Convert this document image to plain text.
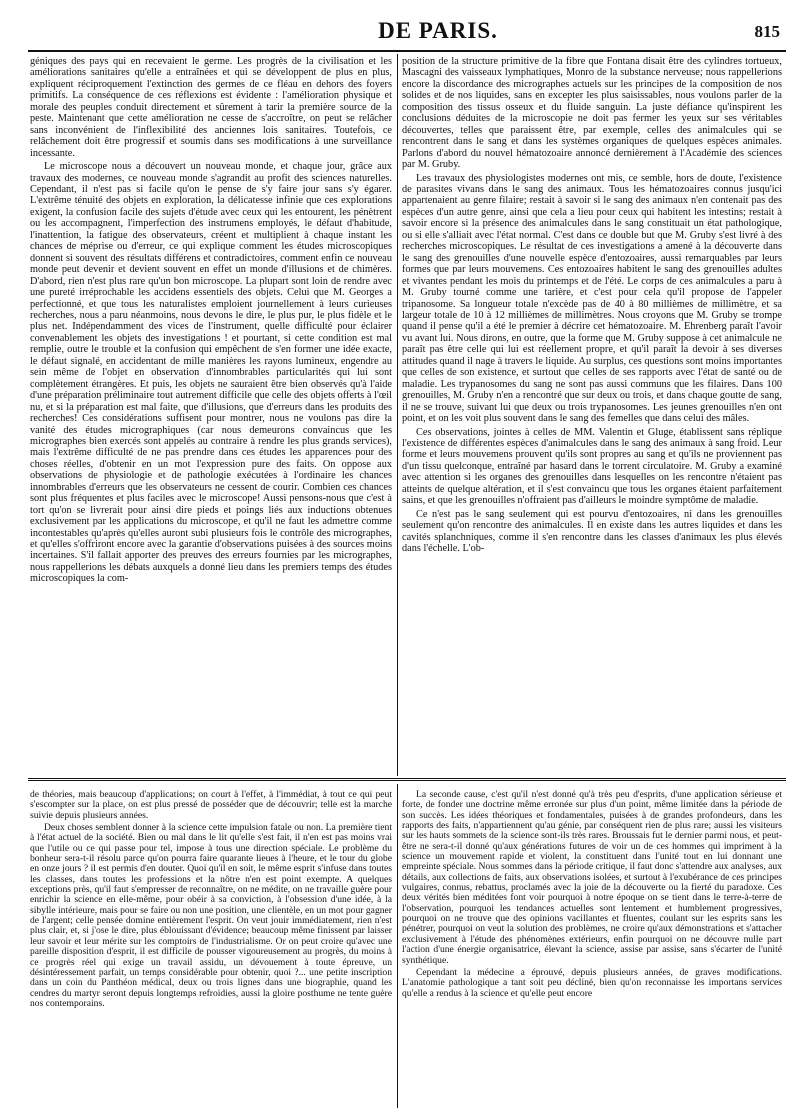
DE PARIS.	815

géniques des pays qui en recevaient le germe. Les progrès de la civilisation et les améliorations sanitaires qu'elle a entraînées et qui se développent de plus en plus, expliquent réciproquement l'extinction des germes de ce fléau en dehors des foyers primitifs. La conséquence de ces réflexions est évidente : l'amélioration physique et morale des peuples conduit directement et sûrement à tarir la première source de la peste. Maintenant que cette amélioration ne cesse de s'accroître, on peut se relâcher sans inconvénient de l'inflexibilité des anciennes lois sanitaires. Toutefois, ce relâchement doit être progressif et soumis dans ses modifications à une surveillance incessante.

Le microscope nous a découvert un nouveau monde, et chaque jour, grâce aux travaux des modernes, ce nouveau monde s'agrandit au profit des sciences naturelles. Cependant, il n'est pas si facile qu'on le pense de s'y faire jour sans s'y égarer. L'extrême ténuité des objets en exploration, la délicatesse infinie que ces explorations exigent, la confusion facile des sujets d'étude avec ceux qui les entourent, les pénètrent ou les accompagnent, l'imperfection des instrumens employés, le défaut d'habitude, l'inattention, la fatigue des observateurs, créent et multiplient à chaque instant les chances de méprise ou d'erreur, ce qui explique comment les études microscopiques donnent si souvent des résultats différens et contradictoires, comment enfin ce nouveau monde peut devenir et devient souvent en effet un monde d'illusions et de chimères. D'abord, rien n'est plus rare qu'un bon microscope. La plupart sont loin de rendre avec une pureté irréprochable les accidens essentiels des objets. Celui que M. Georges a perfectionné, et que tous les naturalistes emploient journellement à leurs curieuses recherches, nous a paru néanmoins, nous devons le dire, le plus pur, le plus fidèle et le plus net. Indépendamment des vices de l'instrument, quelle difficulté pour éclairer convenablement les objets des investigations ! et pourtant, si cette condition est mal remplie, outre le trouble et la confusion qui empêchent de s'en former une idée exacte, le défaut signalé, en accidentant de mille manières les rayons lumineux, engendre au sein même de l'objet en observation d'innombrables particularités qui lui sont complètement étrangères. Et puis, les objets ne sauraient être bien observés qu'à l'aide d'une préparation préliminaire tout autrement difficile que celle des objets offerts à l'œil nu, et si la préparation est mal faite, que d'illusions, que d'erreurs dans les produits des recherches! Ces considérations suffisent pour montrer, nous ne voulons pas dire la vanité des études micrographiques (car nous demeurons convaincus que les micrographes bien exercés sont appelés au contraire à rendre les plus grands services), mais l'extrême difficulté de ne pas prendre dans ces études les apparences pour des choses réelles, d'obtenir en un mot l'expression pure des faits. On oppose aux observations de physiologie et de pathologie exécutées à l'ordinaire les chances innombrables d'erreurs que les observateurs ne cessent de courir. Combien ces chances sont plus fréquentes et plus faciles avec le microscope! Aussi pensons-nous que c'est à tort qu'on se livrerait pour ainsi dire pieds et poings liés aux inductions obtenues exclusivement par les applications du microscope, et qu'il ne faut les admettre comme incontestables qu'après qu'elles auront subi plusieurs fois le contrôle des micrographes, et qu'elles s'offriront encore avec la garantie d'observations puisées à des sources moins incertaines. S'il fallait apporter des preuves des erreurs fournies par les micrographes, nous rappellerions les débats auxquels a donné lieu dans les premiers temps des études microscopiques la com-

position de la structure primitive de la fibre que Fontana disait être des cylindres tortueux, Mascagni des vaisseaux lymphatiques, Monro de la substance nerveuse; nous rappellerions encore la discordance des micrographes actuels sur les principes de la composition de nos solides et de nos liquides, sans en excepter les plus saisissables, nous voulons parler de la composition des tissus osseux et du fluide sanguin. La juste défiance qu'inspirent les conclusions déduites de la microscopie ne doit pas fermer les yeux sur ses véritables découvertes, telles que paraissent être, par exemple, celles des animalcules qui se rencontrent dans le sang et dans les systèmes organiques de quelques espèces animales. Parlons d'abord du nouvel hématozoaire annoncé dernièrement à l'Académie des sciences par M. Gruby.

Les travaux des physiologistes modernes ont mis, ce semble, hors de doute, l'existence de parasites vivans dans le sang des animaux. Tous les hématozoaires connus jusqu'ici appartenaient au genre filaire; restait à savoir si le sang des animaux n'en contenait pas des espèces d'un autre genre, ainsi que cela a lieu pour ceux qui habitent les intestins; restait à savoir encore si la présence des animalcules dans le sang constituait un état pathologique, ou si elle s'alliait avec l'état normal. C'est dans ce double but que M. Gruby s'est livré à des recherches microscopiques. Le résultat de ces investigations a amené à la découverte dans le sang des grenouilles d'une nouvelle espèce d'entozoaires, aussi remarquables par leurs formes que par leurs mouvemens. Ces entozoaires habitent le sang des grenouilles adultes et vivantes pendant les mois du printemps et de l'été. Le corps de ces animalcules a paru à M. Gruby tourné comme une tarière, et c'est pour cela qu'il propose de l'appeler tripanosome. Sa longueur totale n'excède pas de 40 à 80 millièmes de millimètre, et sa largeur totale de 10 à 12 millièmes de millimètres. Nous croyons que M. Gruby se trompe quand il pense qu'il a été le premier à décrire cet hématozoaire. M. Ehrenberg paraît l'avoir vu avant lui. Nous dirons, en outre, que la forme que M. Gruby suppose à cet animalcule ne paraît pas être celle qui lui est réellement propre, et qu'il paraît la devoir à ses diverses attitudes quand il nage à travers le liquide. Au surplus, ces questions sont moins importantes que celles de son existence, et surtout que celles de ses rapports avec l'état de santé ou de maladie. Les trypanosomes du sang ne sont pas aussi communs que les filaires. Dans 100 grenouilles, M. Gruby n'en a rencontré que sur deux ou trois, et dans chaque goutte de sang, il ne se trouve, suivant lui que deux ou trois trypanosomes. Les jeunes grenouilles n'en ont point, et on les voit plus souvent dans le sang des femelles que dans celui des mâles.

Ces observations, jointes à celles de MM. Valentin et Gluge, établissent sans réplique l'existence de différentes espèces d'animalcules dans le sang des animaux à sang froid. Leur forme et leurs mouvemens prouvent qu'ils sont propres au sang et qu'ils ne proviennent pas d'un tissu quelconque, entraîné par hasard dans le torrent circulatoire. M. Gruby a examiné avec attention si les organes des grenouilles dans lesquelles on les rencontre n'étaient pas atteints de quelque altération, et il s'est convaincu que tous les organes étaient parfaitement sains, et que les grenouilles n'offraient pas d'ailleurs le moindre symptôme de maladie.

Ce n'est pas le sang seulement qui est pourvu d'entozoaires, ni dans les grenouilles seulement qu'on rencontre des animalcules. Il en existe dans les autres liquides et dans les cavités splanchniques, comme il s'en rencontre dans les classes d'animaux les plus élevés dans l'échelle. L'ob-

de théories, mais beaucoup d'applications; on court à l'effet, à l'immédiat, à tout ce qui peut s'escompter sur la place, on est plus pressé de posséder que de découvrir; telle est la marche suivie depuis plusieurs années.

Deux choses semblent donner à la science cette impulsion fatale ou non. La première tient à l'état actuel de la société. Bien ou mal dans le lit qu'elle s'est fait, il n'en est pas moins vrai que l'utile ou ce qui passe pour tel, impose à tous une direction spéciale. Le problème du bonheur sera-t-il résolu parce qu'on pourra faire quarante lieues à l'heure, et le tour du globe en onze jours ? il est permis d'en douter. Quoi qu'il en soit, le même esprit s'infuse dans toutes les classes, dans toutes les professions et la nôtre n'en est point exempte. A quelques exceptions près, qu'il faut s'empresser de reconnaître, on ne médite, on ne travaille guère pour enrichir la science en elle-même, pour obéir à sa conviction, à l'obsession d'une idée, à la sibylle intérieure, mais pour se faire ou non une position, une clientèle, en un mot pour gagner de l'argent; celle pensée domine entièrement l'esprit. On veut jouir immédiatement, rien n'est plus clair, et, si j'ose le dire, plus éblouissant d'évidence; beaucoup même finissent par laisser leur savoir et leur mérite sur les comptoirs de l'industrialisme. Or on peut croire qu'avec une pareille disposition d'esprit, il est difficile de pousser vigoureusement au progrès, du moins à ce progrès réel qui exige un travail assidu, un dévouement à toute épreuve, un désintéressement parfait, un temps considérable pour obtenir, quoi ?... une petite inscription dans un coin du Panthéon médical, deux ou trois lignes dans une biographie, quand les cendres du martyr seront depuis longtemps refroidies, aussi la gloire posthume ne tente guère nos contemporains.

La seconde cause, c'est qu'il n'est donné qu'à très peu d'esprits, d'une application sérieuse et forte, de fonder une doctrine même erronée sur plus d'un point, même limitée dans la période de son succès. Les idées théoriques et fondamentales, puisées à de grandes profondeurs, dans les rapports des faits, n'appartiennent qu'au génie, par conséquent rien de plus rare; aussi les visiteurs sur les hauts sommets de la science sont-ils très rares. Broussais fut le dernier parmi nous, et peut-être ne sera-t-il donné qu'aux générations futures de voir un de ces hommes qui impriment à la science un mouvement rapide et violent, la constituent dans l'unité tout en lui donnant une empreinte spéciale. Nous sommes dans la période critique, il faut donc s'attendre aux analyses, aux détails, aux collections de faits, aux observations isolées, et surtout à l'exubérance de ces principes vulgaires, connus, rebattus, proclamés avec la joie de la découverte ou la fierté du paradoxe. Ces deux vérités bien méditées font voir pourquoi à notre époque on se tient dans le terre-à-terre de l'observation, pourquoi les tendances actuelles sont lentement et humblement progressives, pourquoi on ne trouve que des opinions vacillantes et fluentes, coulant sur les esprits sans les pénétrer, pourquoi on veut la solution des problèmes, ne croire qu'aux démonstrations et s'attacher exclusivement à l'étude des phénomènes extérieurs, enfin pourquoi on ne découvre nulle part l'action d'une énergie organisatrice, élevant la science, assise par assise, sans s'écarter de l'unité synthétique.

Cependant la médecine a éprouvé, depuis plusieurs années, de graves modifications. L'anatomie pathologique a tant soit peu décliné, bien qu'on reconnaisse les importans services qu'elle a rendus à la science et qu'elle peut encore
